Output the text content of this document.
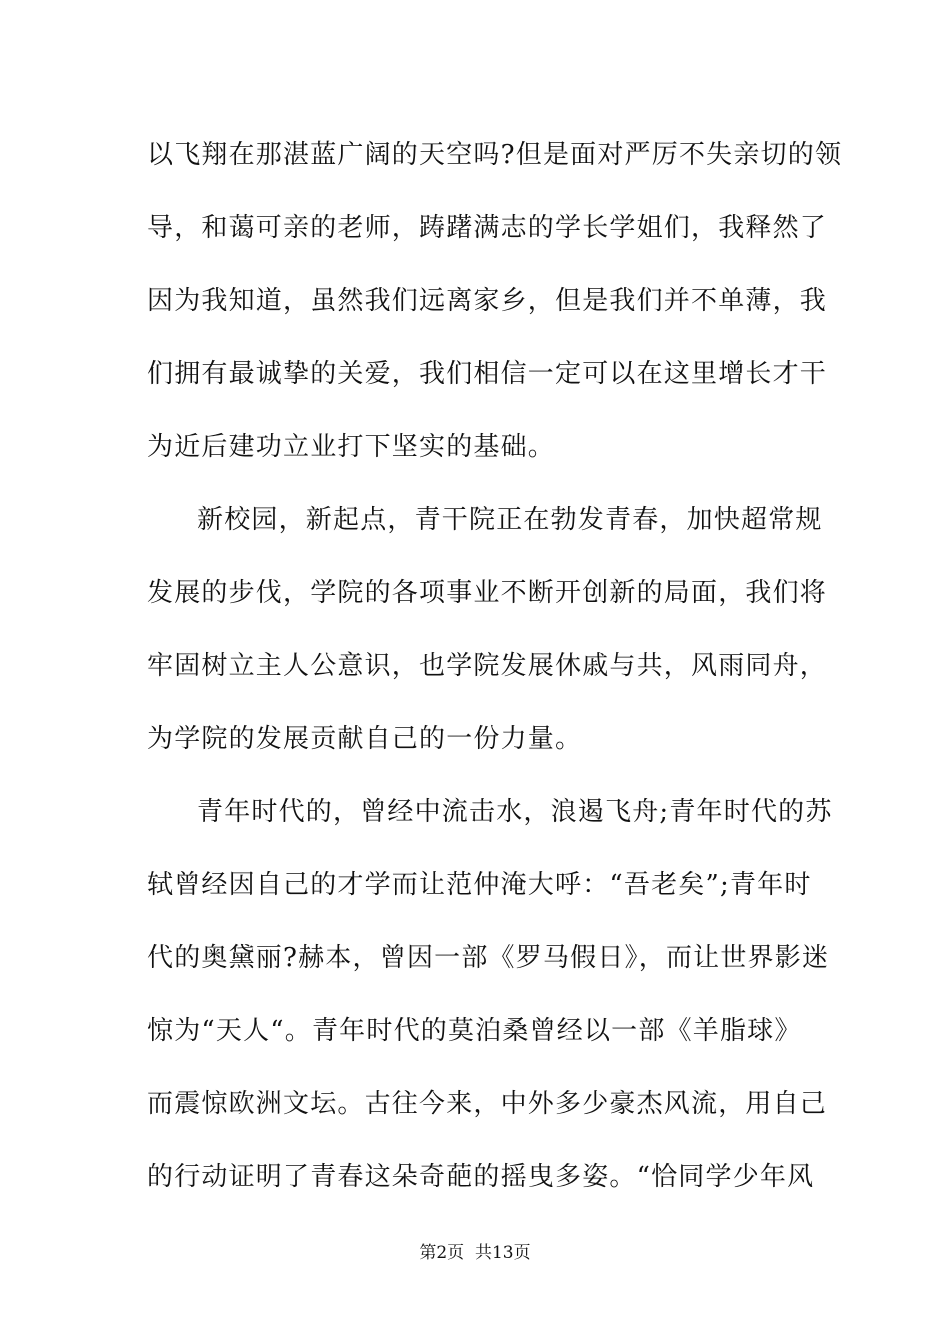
以飞翔在那湛蓝广阔的天空吗?但是面对严厉不失亲切的领
导，和蔼可亲的老师，踌躇满志的学长学姐们，我释然了
因为我知道，虽然我们远离家乡，但是我们并不单薄，我
们拥有最诚挚的关爱，我们相信一定可以在这里增长才干
为近后建功立业打下坚实的基础。
新校园，新起点，青干院正在勃发青春，加快超常规
发展的步伐，学院的各项事业不断开创新的局面，我们将
牢固树立主人公意识，也学院发展休戚与共，风雨同舟，
为学院的发展贡献自己的一份力量。
青年时代的，曾经中流击水，浪遏飞舟;青年时代的苏
轼曾经因自己的才学而让范仲淹大呼：“吾老矣”;青年时
代的奥黛丽?赫本，曾因一部《罗马假日》，而让世界影迷
惊为“天人“。青年时代的莫泊桑曾经以一部《羊脂球》
而震惊欧洲文坛。古往今来，中外多少豪杰风流，用自己
的行动证明了青春这朵奇葩的摇曳多姿。“恰同学少年风
第2页  共13页
